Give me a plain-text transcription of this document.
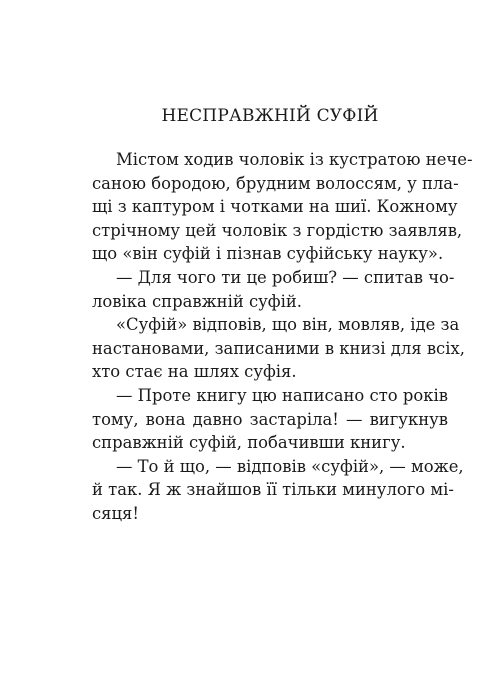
НЕСПРАВЖНІЙ СУФІЙ
Містом ходив чоловік із кустратою нече-
саною бородою, брудним волоссям, у пла-
щі з каптуром і чотками на шиї. Кожному
стрічному цей чоловік з гордістю заявляв,
що «він суфій і пізнав суфійську науку».
— Для чого ти це робиш? — спитав чо-
ловіка справжній суфій.
«Суфій» відповів, що він, мовляв, іде за
настановами, записаними в книзі для всіх,
хто стає на шлях суфія.
— Проте книгу цю написано сто років
тому, вона давно застаріла! — вигукнув
справжній суфій, побачивши книгу.
— То й що, — відповів «суфій», — може,
й так. Я ж знайшов її тільки минулого мі-
сяця!
